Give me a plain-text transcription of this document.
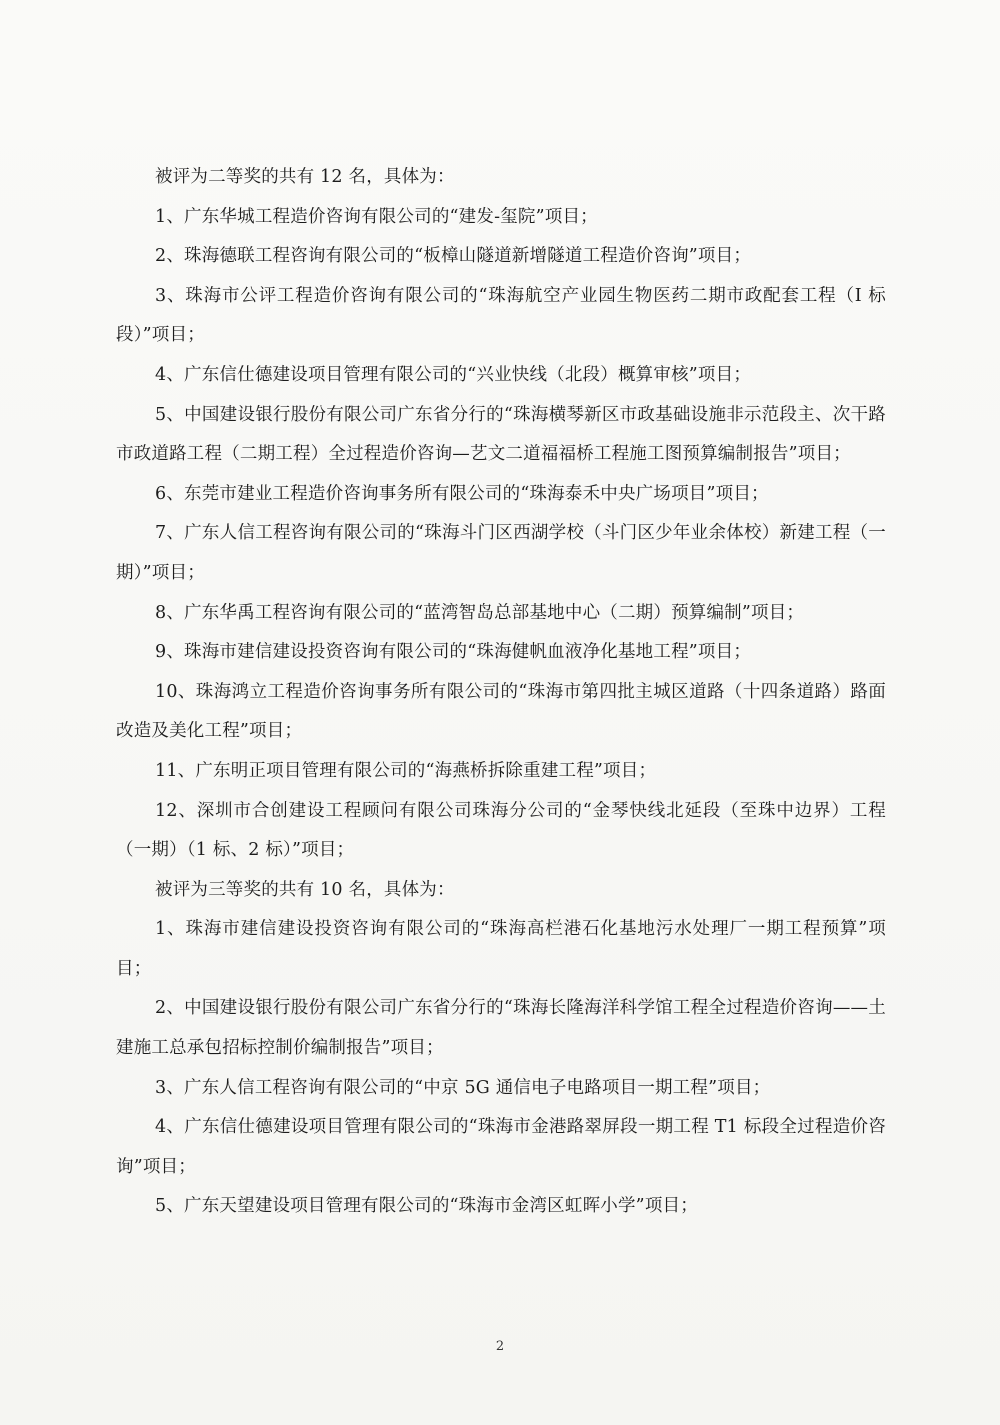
被评为二等奖的共有 12 名，具体为：

1、广东华城工程造价咨询有限公司的“建发-玺院”项目；

2、珠海德联工程咨询有限公司的“板樟山隧道新增隧道工程造价咨询”项目；

3、珠海市公评工程造价咨询有限公司的“珠海航空产业园生物医药二期市政配套工程（I 标段）”项目；

4、广东信仕德建设项目管理有限公司的“兴业快线（北段）概算审核”项目；

5、中国建设银行股份有限公司广东省分行的“珠海横琴新区市政基础设施非示范段主、次干路市政道路工程（二期工程）全过程造价咨询—艺文二道福福桥工程施工图预算编制报告”项目；

6、东莞市建业工程造价咨询事务所有限公司的“珠海泰禾中央广场项目”项目；

7、广东人信工程咨询有限公司的“珠海斗门区西湖学校（斗门区少年业余体校）新建工程（一期）”项目；

8、广东华禹工程咨询有限公司的“蓝湾智岛总部基地中心（二期）预算编制”项目；

9、珠海市建信建设投资咨询有限公司的“珠海健帆血液净化基地工程”项目；

10、珠海鸿立工程造价咨询事务所有限公司的“珠海市第四批主城区道路（十四条道路）路面改造及美化工程”项目；

11、广东明正项目管理有限公司的“海燕桥拆除重建工程”项目；

12、深圳市合创建设工程顾问有限公司珠海分公司的“金琴快线北延段（至珠中边界）工程（一期）（1 标、2 标）”项目；

被评为三等奖的共有 10 名，具体为：

1、珠海市建信建设投资咨询有限公司的“珠海高栏港石化基地污水处理厂一期工程预算”项目；

2、中国建设银行股份有限公司广东省分行的“珠海长隆海洋科学馆工程全过程造价咨询——土建施工总承包招标控制价编制报告”项目；

3、广东人信工程咨询有限公司的“中京 5G 通信电子电路项目一期工程”项目；

4、广东信仕德建设项目管理有限公司的“珠海市金港路翠屏段一期工程 T1 标段全过程造价咨询”项目；

5、广东天望建设项目管理有限公司的“珠海市金湾区虹晖小学”项目；

2
